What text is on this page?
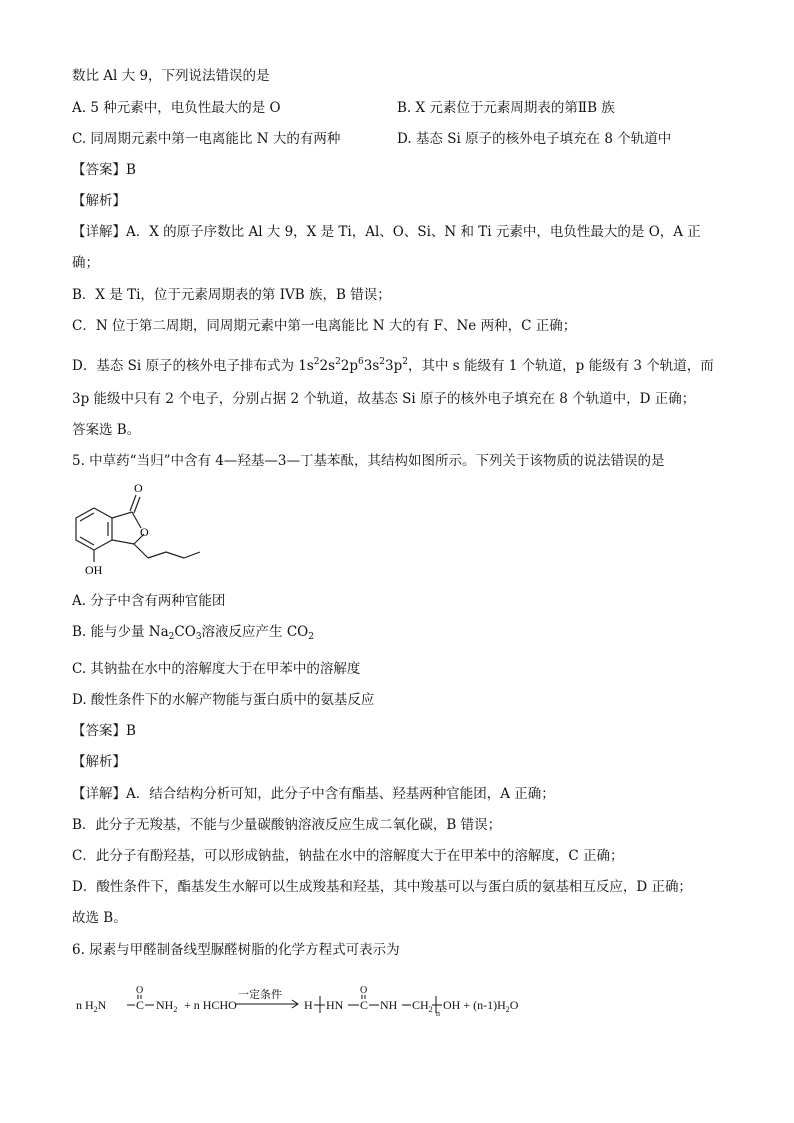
数比 Al 大 9，下列说法错误的是
A. 5 种元素中，电负性最大的是 O	B. X 元素位于元素周期表的第ⅡB 族
C. 同周期元素中第一电离能比 N 大的有两种	D. 基态 Si 原子的核外电子填充在 8 个轨道中
【答案】B
【解析】
【详解】A．X 的原子序数比 Al 大 9，X 是 Ti，Al、O、Si、N 和 Ti 元素中，电负性最大的是 O，A 正
确；
B．X 是 Ti，位于元素周期表的第 IVB 族，B 错误；
C．N 位于第二周期，同周期元素中第一电离能比 N 大的有 F、Ne 两种，C 正确；
D．基态 Si 原子的核外电子排布式为 $1s^22s^22p^63s^23p^2$，其中 s 能级有 1 个轨道，p 能级有 3 个轨道，而
3p 能级中只有 2 个电子，分别占据 2 个轨道，故基态 Si 原子的核外电子填充在 8 个轨道中，D 正确；
答案选 B。
5. 中草药“当归”中含有 4—羟基—3—丁基苯酞，其结构如图所示。下列关于该物质的说法错误的是
O
O
OH
A. 分子中含有两种官能团
B. 能与少量 $Na_2CO_3$溶液反应产生 $CO_2$
C. 其钠盐在水中的溶解度大于在甲苯中的溶解度
D. 酸性条件下的水解产物能与蛋白质中的氨基反应
【答案】B
【解析】
【详解】A．结合结构分析可知，此分子中含有酯基、羟基两种官能团，A 正确；
B．此分子无羧基，不能与少量碳酸钠溶液反应生成二氧化碳，B 错误；
C．此分子有酚羟基，可以形成钠盐，钠盐在水中的溶解度大于在甲苯中的溶解度，C 正确；
D．酸性条件下，酯基发生水解可以生成羧基和羟基，其中羧基可以与蛋白质的氨基相互反应，D 正确；
故选 B。
6. 尿素与甲醛制备线型脲醛树脂的化学方程式可表示为
n $H_2N$ C
O
$NH_2 + n$ HCHO
一定条件
H HN C
O
NH $CH_2$ n
OH + $(n-1)H_2O$
